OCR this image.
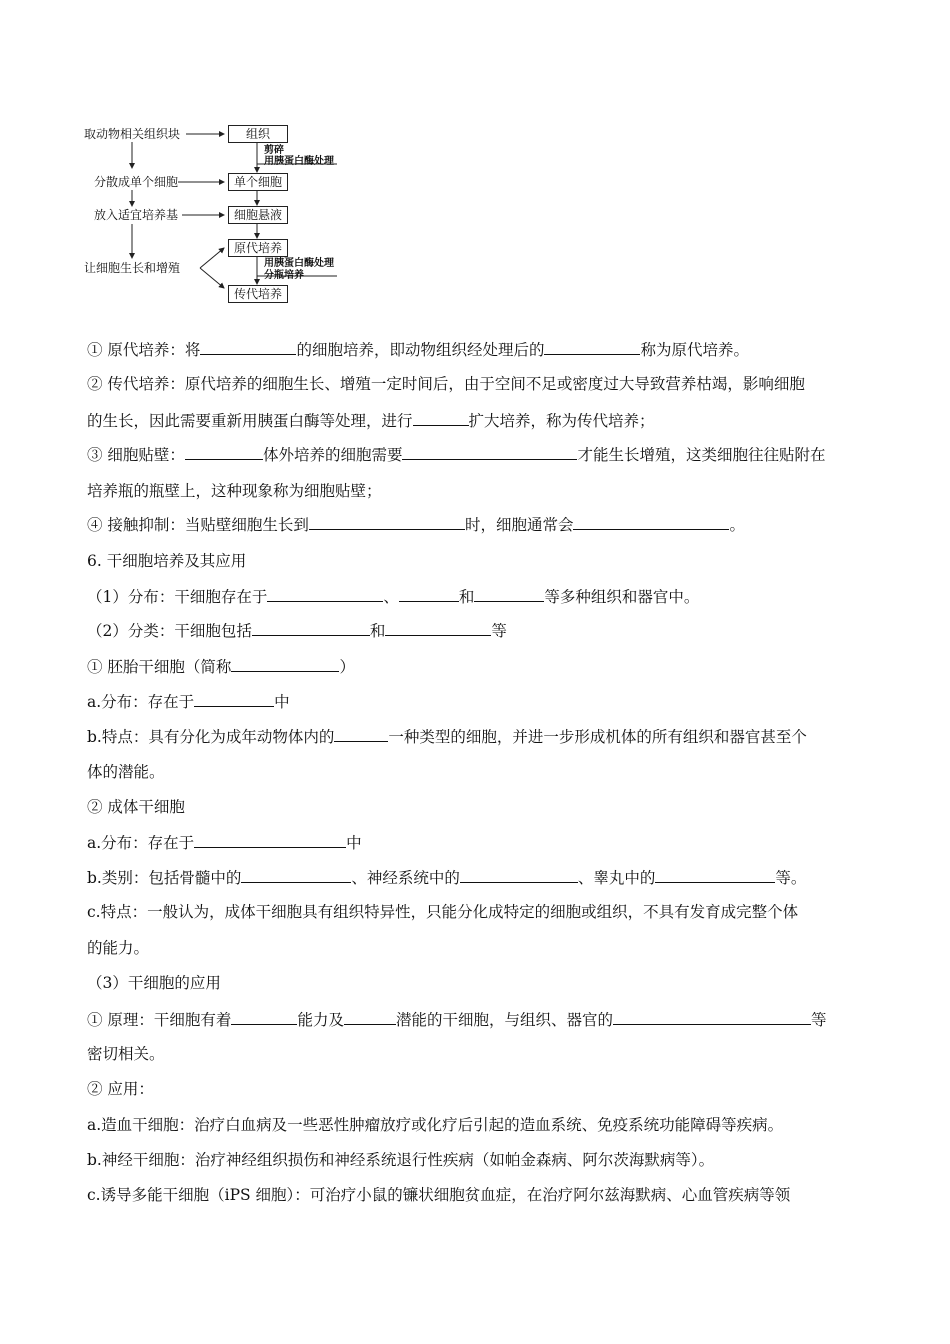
取动物相关组织块
分散成单个细胞
放入适宜培养基
让细胞生长和增殖
组织
单个细胞
细胞悬液
原代培养
传代培养
剪碎
用胰蛋白酶处理
用胰蛋白酶处理
分瓶培养
① 原代培养：将	的细胞培养，即动物组织经处理后的	称为原代培养。
② 传代培养：原代培养的细胞生长、增殖一定时间后，由于空间不足或密度过大导致营养枯竭，影响细胞
的生长，因此需要重新用胰蛋白酶等处理，进行	扩大培养，称为传代培养；
③ 细胞贴壁：	体外培养的细胞需要	才能生长增殖，这类细胞往往贴附在
培养瓶的瓶壁上，这种现象称为细胞贴壁；
④ 接触抑制：当贴壁细胞生长到	时，细胞通常会	。
6. 干细胞培养及其应用
（1）分布：干细胞存在于	、	和	等多种组织和器官中。
（2）分类：干细胞包括	和	等
① 胚胎干细胞（简称	）
a.分布：存在于	中
b.特点：具有分化为成年动物体内的	一种类型的细胞，并进一步形成机体的所有组织和器官甚至个
体的潜能。
② 成体干细胞
a.分布：存在于	中
b.类别：包括骨髓中的	、神经系统中的	、睾丸中的	等。
c.特点：一般认为，成体干细胞具有组织特异性，只能分化成特定的细胞或组织，不具有发育成完整个体
的能力。
（3）干细胞的应用
① 原理：干细胞有着	能力及	潜能的干细胞，与组织、器官的	等
密切相关。
② 应用：
a.造血干细胞：治疗白血病及一些恶性肿瘤放疗或化疗后引起的造血系统、免疫系统功能障碍等疾病。
b.神经干细胞：治疗神经组织损伤和神经系统退行性疾病（如帕金森病、阿尔茨海默病等）。
c.诱导多能干细胞（iPS 细胞）：可治疗小鼠的镰状细胞贫血症，在治疗阿尔兹海默病、心血管疾病等领
